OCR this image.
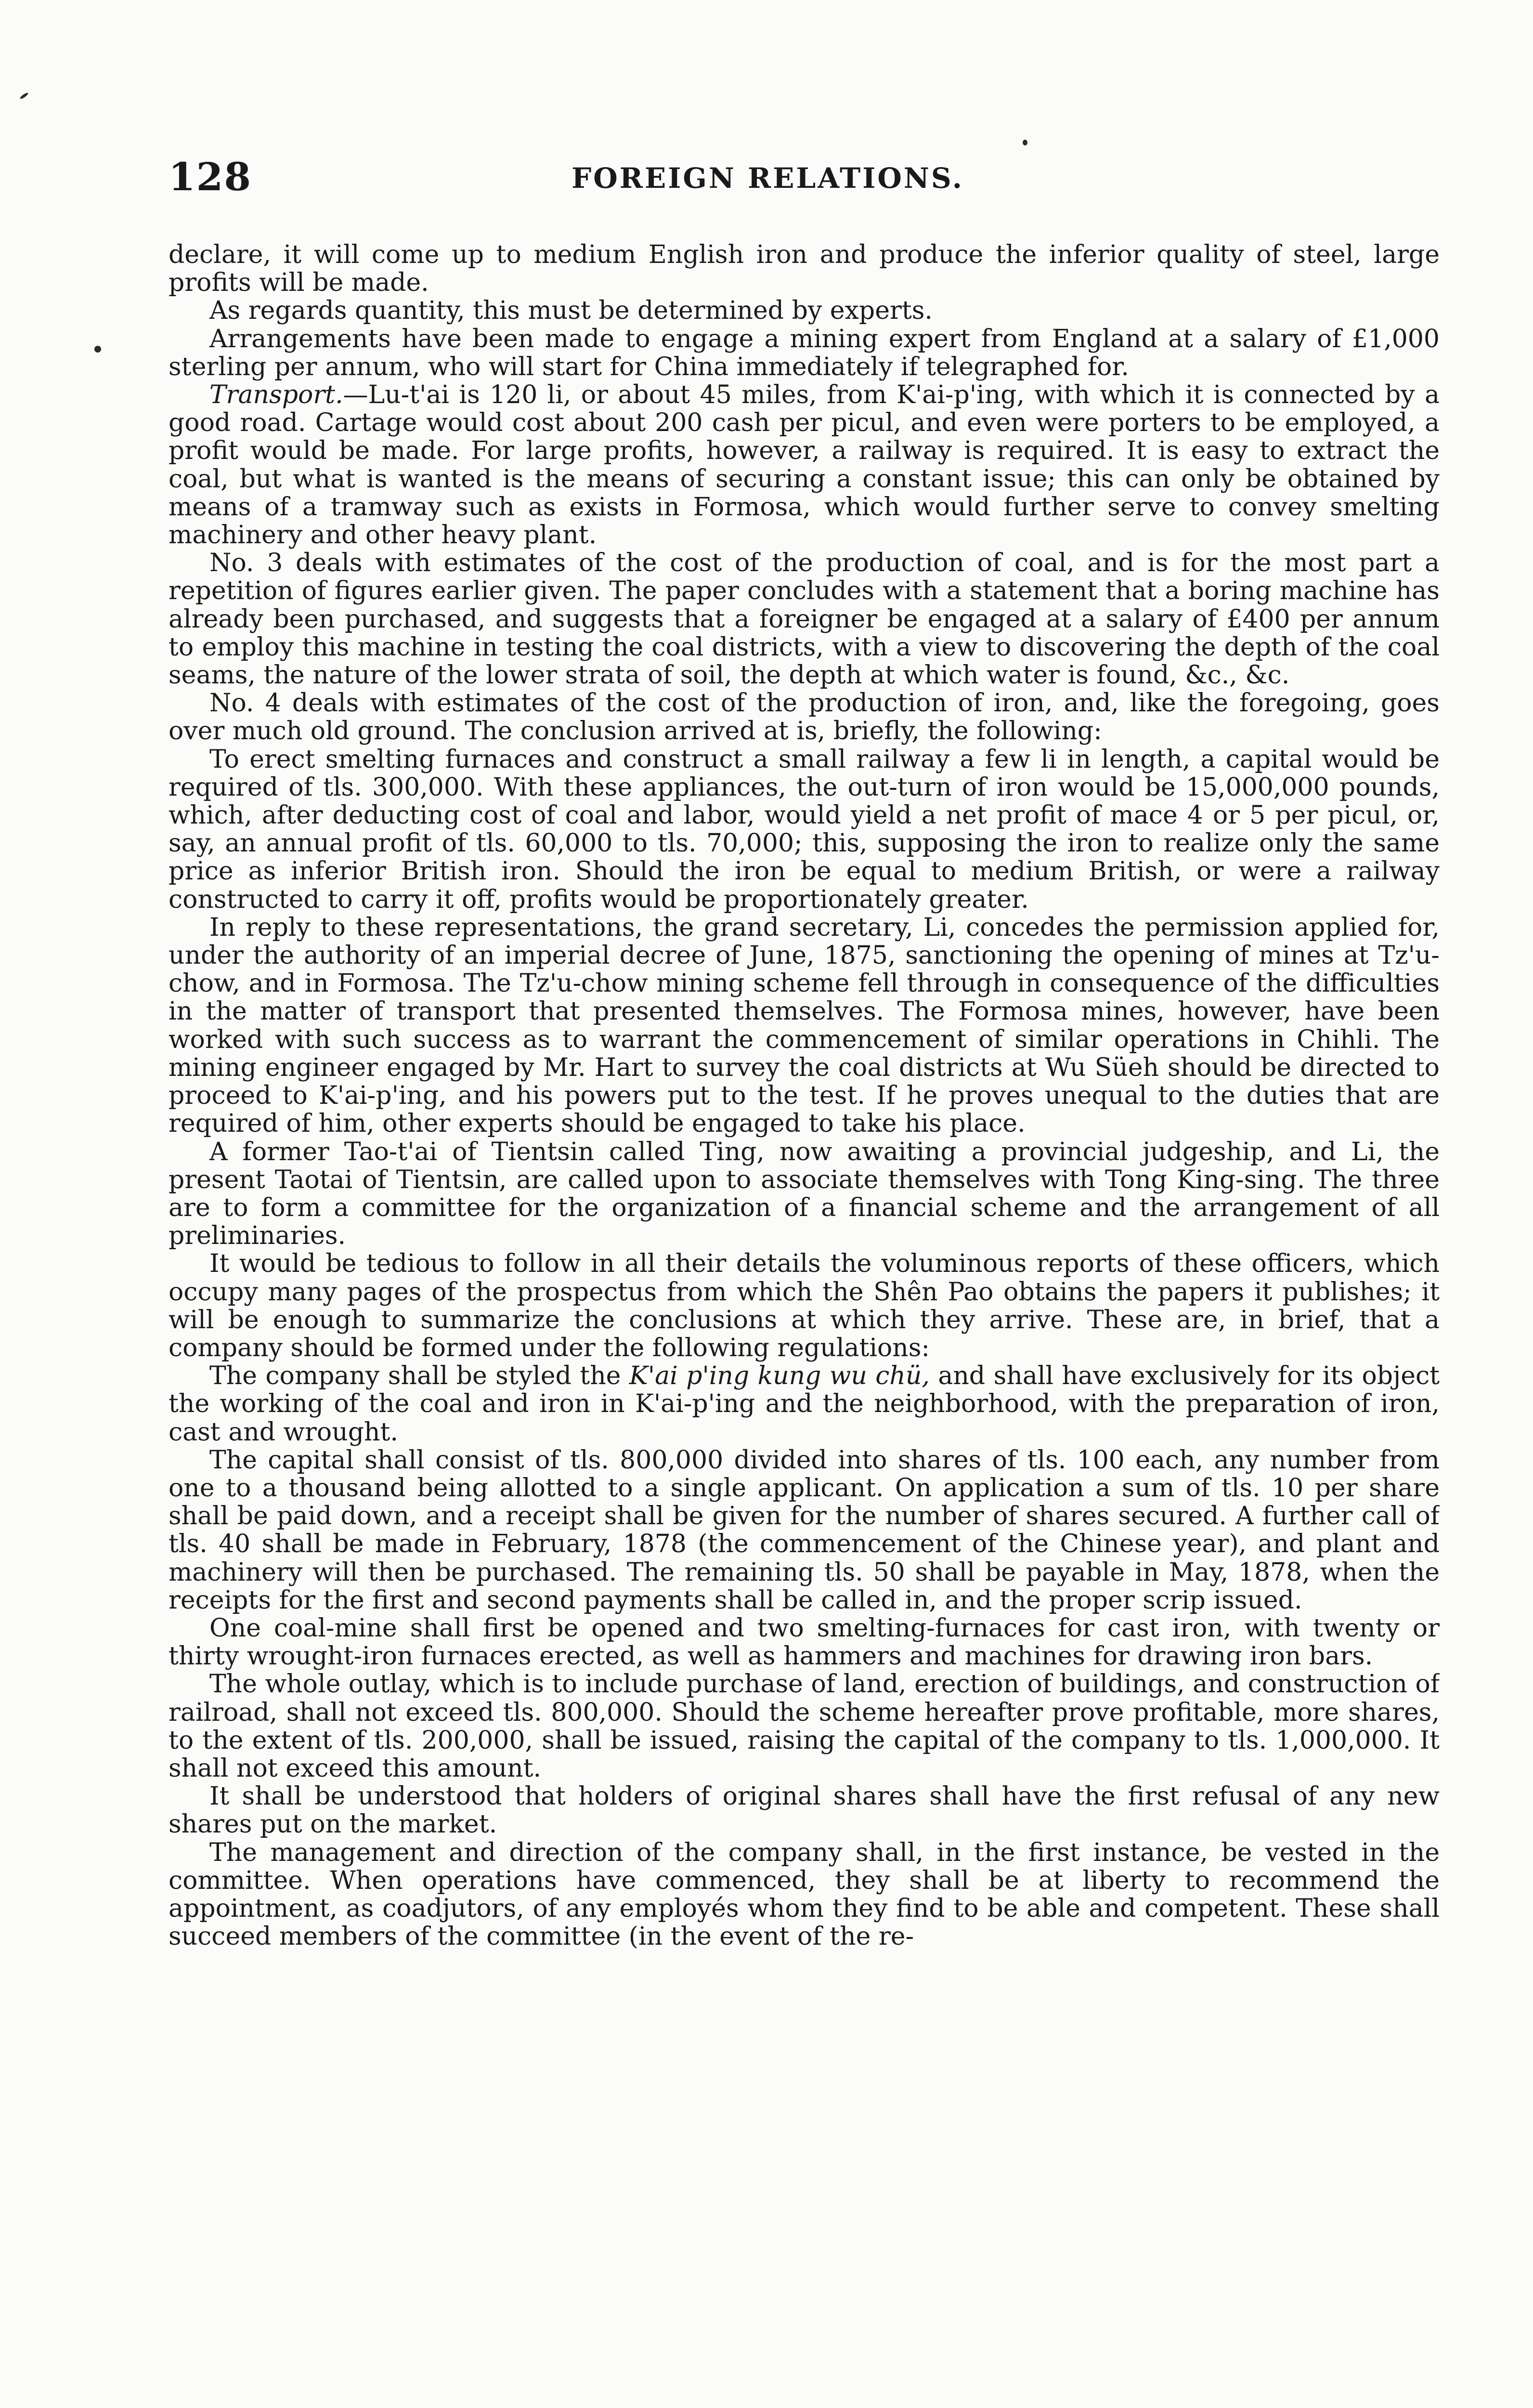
128	FOREIGN RELATIONS.

declare, it will come up to medium English iron and produce the inferior quality of steel, large profits will be made.

As regards quantity, this must be determined by experts.

Arrangements have been made to engage a mining expert from England at a salary of £1,000 sterling per annum, who will start for China immediately if telegraphed for.

Transport.—Lu-t'ai is 120 li, or about 45 miles, from K'ai-p'ing, with which it is connected by a good road. Cartage would cost about 200 cash per picul, and even were porters to be employed, a profit would be made. For large profits, however, a railway is required. It is easy to extract the coal, but what is wanted is the means of securing a constant issue; this can only be obtained by means of a tramway such as exists in Formosa, which would further serve to convey smelting machinery and other heavy plant.

No. 3 deals with estimates of the cost of the production of coal, and is for the most part a repetition of figures earlier given. The paper concludes with a statement that a boring machine has already been purchased, and suggests that a foreigner be engaged at a salary of £400 per annum to employ this machine in testing the coal districts, with a view to discovering the depth of the coal seams, the nature of the lower strata of soil, the depth at which water is found, &c., &c.

No. 4 deals with estimates of the cost of the production of iron, and, like the foregoing, goes over much old ground. The conclusion arrived at is, briefly, the following:

To erect smelting furnaces and construct a small railway a few li in length, a capital would be required of tls. 300,000. With these appliances, the out-turn of iron would be 15,000,000 pounds, which, after deducting cost of coal and labor, would yield a net profit of mace 4 or 5 per picul, or, say, an annual profit of tls. 60,000 to tls. 70,000; this, supposing the iron to realize only the same price as inferior British iron. Should the iron be equal to medium British, or were a railway constructed to carry it off, profits would be proportionately greater.

In reply to these representations, the grand secretary, Li, concedes the permission applied for, under the authority of an imperial decree of June, 1875, sanctioning the opening of mines at Tz'u-chow, and in Formosa. The Tz'u-chow mining scheme fell through in consequence of the difficulties in the matter of transport that presented themselves. The Formosa mines, however, have been worked with such success as to warrant the commencement of similar operations in Chihli. The mining engineer engaged by Mr. Hart to survey the coal districts at Wu Süeh should be directed to proceed to K'ai-p'ing, and his powers put to the test. If he proves unequal to the duties that are required of him, other experts should be engaged to take his place.

A former Tao-t'ai of Tientsin called Ting, now awaiting a provincial judgeship, and Li, the present Taotai of Tientsin, are called upon to associate themselves with Tong King-sing. The three are to form a committee for the organization of a financial scheme and the arrangement of all preliminaries.

It would be tedious to follow in all their details the voluminous reports of these officers, which occupy many pages of the prospectus from which the Shên Pao obtains the papers it publishes; it will be enough to summarize the conclusions at which they arrive. These are, in brief, that a company should be formed under the following regulations:

The company shall be styled the K'ai p'ing kung wu chü, and shall have exclusively for its object the working of the coal and iron in K'ai-p'ing and the neighborhood, with the preparation of iron, cast and wrought.

The capital shall consist of tls. 800,000 divided into shares of tls. 100 each, any number from one to a thousand being allotted to a single applicant. On application a sum of tls. 10 per share shall be paid down, and a receipt shall be given for the number of shares secured. A further call of tls. 40 shall be made in February, 1878 (the commencement of the Chinese year), and plant and machinery will then be purchased. The remaining tls. 50 shall be payable in May, 1878, when the receipts for the first and second payments shall be called in, and the proper scrip issued.

One coal-mine shall first be opened and two smelting-furnaces for cast iron, with twenty or thirty wrought-iron furnaces erected, as well as hammers and machines for drawing iron bars.

The whole outlay, which is to include purchase of land, erection of buildings, and construction of railroad, shall not exceed tls. 800,000. Should the scheme hereafter prove profitable, more shares, to the extent of tls. 200,000, shall be issued, raising the capital of the company to tls. 1,000,000. It shall not exceed this amount.

It shall be understood that holders of original shares shall have the first refusal of any new shares put on the market.

The management and direction of the company shall, in the first instance, be vested in the committee. When operations have commenced, they shall be at liberty to recommend the appointment, as coadjutors, of any employés whom they find to be able and competent. These shall succeed members of the committee (in the event of the re-
